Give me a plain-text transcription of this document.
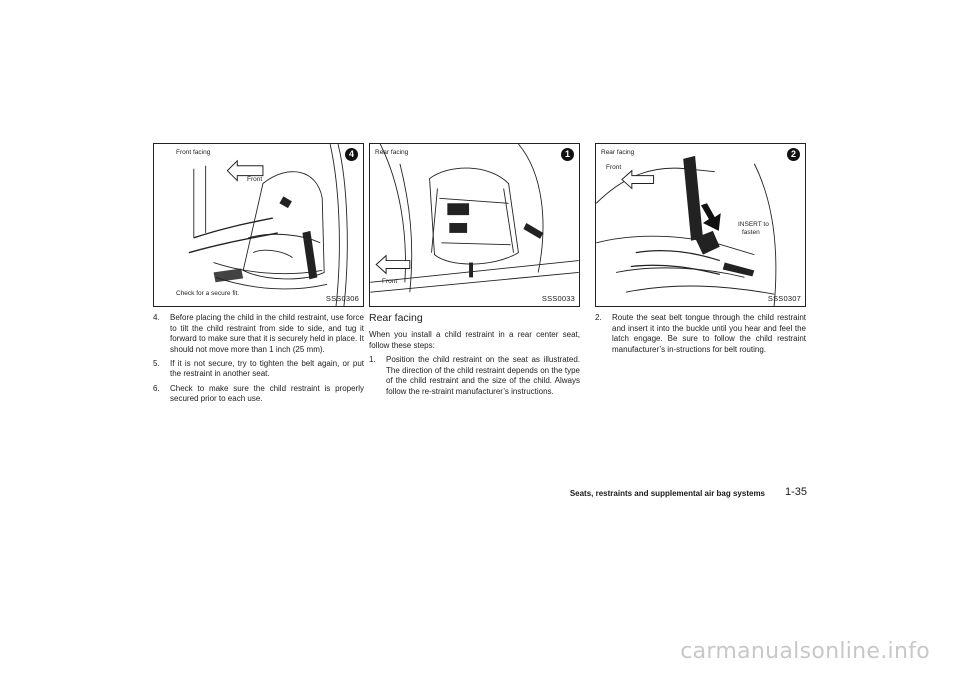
Front facing
Front
Check for a secure fit.
4
SSS0306
Rear facing
Front
1
SSS0033
Rear facing
Front
INSERT to
fasten
2
SSS0307
4. Before placing the child in the child restraint, use force to tilt the child restraint from side to side, and tug it forward to make sure that it is securely held in place. It should not move more than 1 inch (25 mm).
5. If it is not secure, try to tighten the belt again, or put the restraint in another seat.
6. Check to make sure the child restraint is properly secured prior to each use.
Rear facing

When you install a child restraint in a rear center seat, follow these steps:

1. Position the child restraint on the seat as illustrated. The direction of the child restraint depends on the type of the child restraint and the size of the child. Always follow the re-straint manufacturer’s instructions.
2. Route the seat belt tongue through the child restraint and insert it into the buckle until you hear and feel the latch engage. Be sure to follow the child restraint manufacturer’s in-structions for belt routing.
Seats, restraints and supplemental air bag systems 1-35
carmanualsonline.info
